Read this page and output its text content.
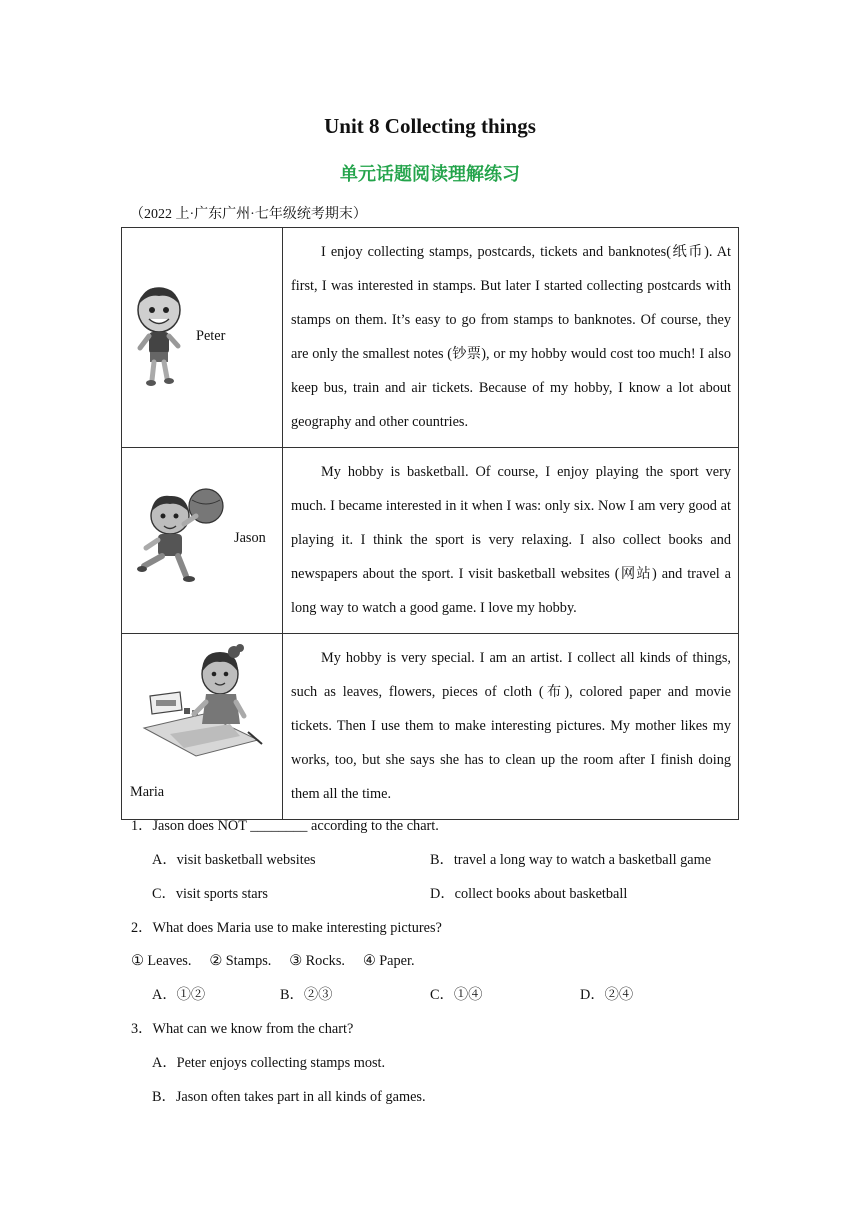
Unit 8 Collecting things
单元话题阅读理解练习
（2022 上·广东广州·七年级统考期末）
Peter	I enjoy collecting stamps, postcards, tickets and banknotes(纸币). At first, I was interested in stamps. But later I started collecting postcards with stamps on them. It’s easy to go from stamps to banknotes. Of course, they are only the smallest notes (钞票), or my hobby would cost too much! I also keep bus, train and air tickets. Because of my hobby, I know a lot about geography and other countries.

Jason	My hobby is basketball. Of course, I enjoy playing the sport very much. I became interested in it when I was: only six. Now I am very good at playing it. I think the sport is very relaxing. I also collect books and newspapers about the sport. I visit basketball websites (网站) and travel a long way to watch a good game. I love my hobby.

Maria	My hobby is very special. I am an artist. I collect all kinds of things, such as leaves, flowers, pieces of cloth (布), colored paper and movie tickets. Then I use them to make interesting pictures. My mother likes my works, too, but she says she has to clean up the room after I finish doing them all the time.
1．Jason does NOT ________ according to the chart.
A．visit basketball websites	B．travel a long way to watch a basketball game
C．visit sports stars	D．collect books about basketball
2．What does Maria use to make interesting pictures?
① Leaves.　 ② Stamps.　 ③ Rocks.　 ④ Paper.
A．①②	B．②③	C．①④	D．②④
3．What can we know from the chart?
A．Peter enjoys collecting stamps most.
B．Jason often takes part in all kinds of games.
